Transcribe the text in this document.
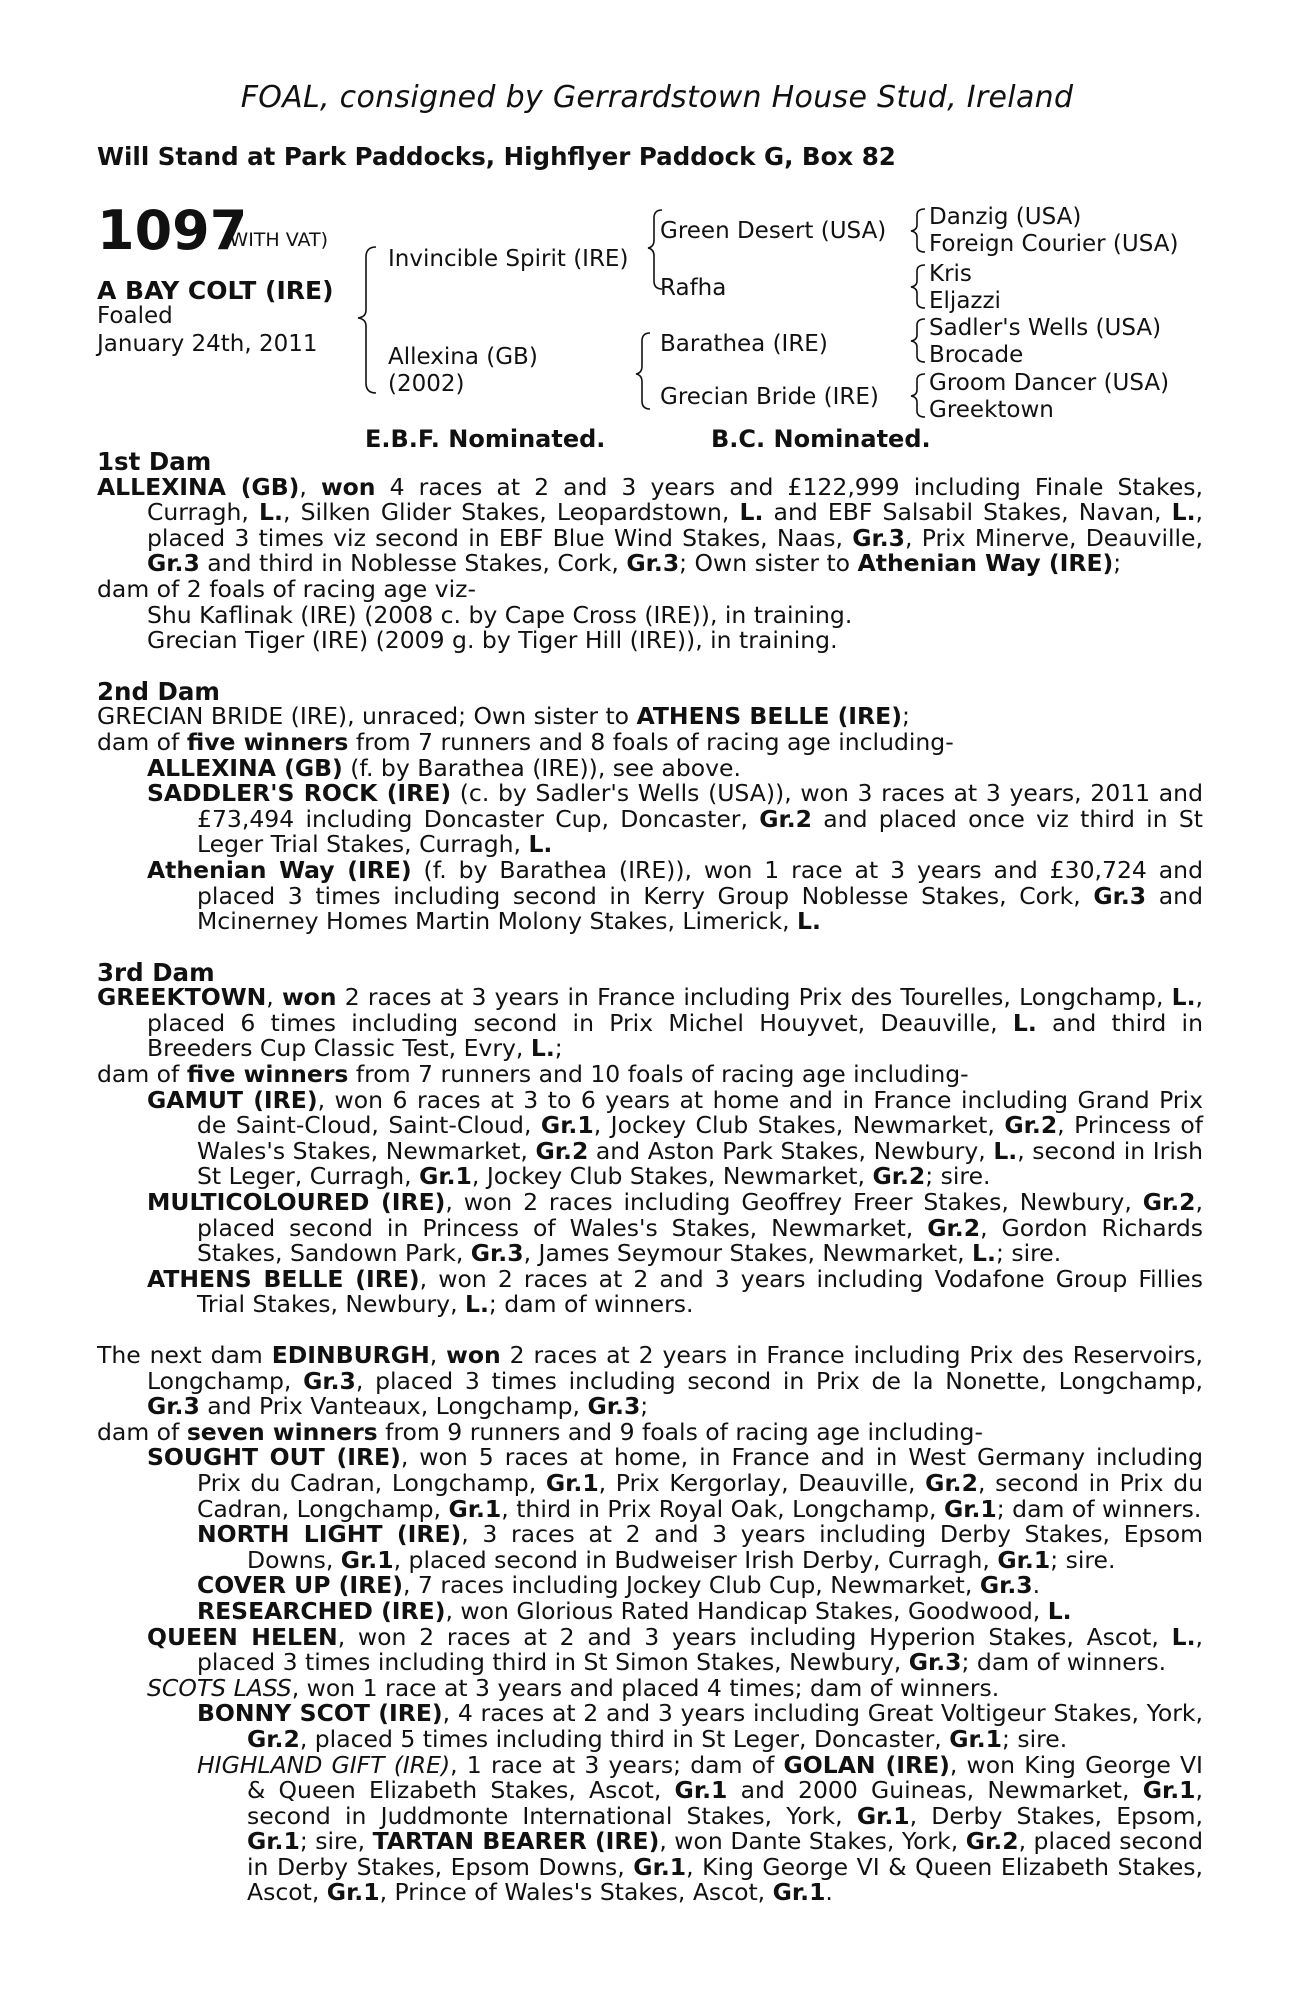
FOAL, consigned by Gerrardstown House Stud, Ireland
Will Stand at Park Paddocks, Highflyer Paddock G, Box 82
1097
(WITH VAT)
A BAY COLT (IRE)
Foaled
January 24th, 2011
Invincible Spirit (IRE)
Allexina (GB)
(2002)
Green Desert (USA)
Rafha
Barathea (IRE)
Grecian Bride (IRE)
Danzig (USA)
Foreign Courier (USA)
Kris
Eljazzi
Sadler's Wells (USA)
Brocade
Groom Dancer (USA)
Greektown
E.B.F. Nominated.	B.C. Nominated.

1st Dam

ALLEXINA (GB), won 4 races at 2 and 3 years and £122,999 including Finale Stakes, Curragh, L., Silken Glider Stakes, Leopardstown, L. and EBF Salsabil Stakes, Navan, L., placed 3 times viz second in EBF Blue Wind Stakes, Naas, Gr.3, Prix Minerve, Deauville, Gr.3 and third in Noblesse Stakes, Cork, Gr.3; Own sister to Athenian Way (IRE);

dam of 2 foals of racing age viz-

Shu Kaflinak (IRE) (2008 c. by Cape Cross (IRE)), in training.

Grecian Tiger (IRE) (2009 g. by Tiger Hill (IRE)), in training.

2nd Dam

GRECIAN BRIDE (IRE), unraced; Own sister to ATHENS BELLE (IRE);

dam of five winners from 7 runners and 8 foals of racing age including-

ALLEXINA (GB) (f. by Barathea (IRE)), see above.

SADDLER'S ROCK (IRE) (c. by Sadler's Wells (USA)), won 3 races at 3 years, 2011 and £73,494 including Doncaster Cup, Doncaster, Gr.2 and placed once viz third in St Leger Trial Stakes, Curragh, L.

Athenian Way (IRE) (f. by Barathea (IRE)), won 1 race at 3 years and £30,724 and placed 3 times including second in Kerry Group Noblesse Stakes, Cork, Gr.3 and Mcinerney Homes Martin Molony Stakes, Limerick, L.

3rd Dam

GREEKTOWN, won 2 races at 3 years in France including Prix des Tourelles, Longchamp, L., placed 6 times including second in Prix Michel Houyvet, Deauville, L. and third in Breeders Cup Classic Test, Evry, L.;

dam of five winners from 7 runners and 10 foals of racing age including-

GAMUT (IRE), won 6 races at 3 to 6 years at home and in France including Grand Prix de Saint-Cloud, Saint-Cloud, Gr.1, Jockey Club Stakes, Newmarket, Gr.2, Princess of Wales's Stakes, Newmarket, Gr.2 and Aston Park Stakes, Newbury, L., second in Irish St Leger, Curragh, Gr.1, Jockey Club Stakes, Newmarket, Gr.2; sire.

MULTICOLOURED (IRE), won 2 races including Geoffrey Freer Stakes, Newbury, Gr.2, placed second in Princess of Wales's Stakes, Newmarket, Gr.2, Gordon Richards Stakes, Sandown Park, Gr.3, James Seymour Stakes, Newmarket, L.; sire.

ATHENS BELLE (IRE), won 2 races at 2 and 3 years including Vodafone Group Fillies Trial Stakes, Newbury, L.; dam of winners.

The next dam EDINBURGH, won 2 races at 2 years in France including Prix des Reservoirs, Longchamp, Gr.3, placed 3 times including second in Prix de la Nonette, Longchamp, Gr.3 and Prix Vanteaux, Longchamp, Gr.3;

dam of seven winners from 9 runners and 9 foals of racing age including-

SOUGHT OUT (IRE), won 5 races at home, in France and in West Germany including Prix du Cadran, Longchamp, Gr.1, Prix Kergorlay, Deauville, Gr.2, second in Prix du Cadran, Longchamp, Gr.1, third in Prix Royal Oak, Longchamp, Gr.1; dam of winners.

NORTH LIGHT (IRE), 3 races at 2 and 3 years including Derby Stakes, Epsom Downs, Gr.1, placed second in Budweiser Irish Derby, Curragh, Gr.1; sire.

COVER UP (IRE), 7 races including Jockey Club Cup, Newmarket, Gr.3.

RESEARCHED (IRE), won Glorious Rated Handicap Stakes, Goodwood, L.

QUEEN HELEN, won 2 races at 2 and 3 years including Hyperion Stakes, Ascot, L., placed 3 times including third in St Simon Stakes, Newbury, Gr.3; dam of winners.

SCOTS LASS, won 1 race at 3 years and placed 4 times; dam of winners.

BONNY SCOT (IRE), 4 races at 2 and 3 years including Great Voltigeur Stakes, York, Gr.2, placed 5 times including third in St Leger, Doncaster, Gr.1; sire.

HIGHLAND GIFT (IRE), 1 race at 3 years; dam of GOLAN (IRE), won King George VI & Queen Elizabeth Stakes, Ascot, Gr.1 and 2000 Guineas, Newmarket, Gr.1, second in Juddmonte International Stakes, York, Gr.1, Derby Stakes, Epsom, Gr.1; sire, TARTAN BEARER (IRE), won Dante Stakes, York, Gr.2, placed second in Derby Stakes, Epsom Downs, Gr.1, King George VI & Queen Elizabeth Stakes, Ascot, Gr.1, Prince of Wales's Stakes, Ascot, Gr.1.
